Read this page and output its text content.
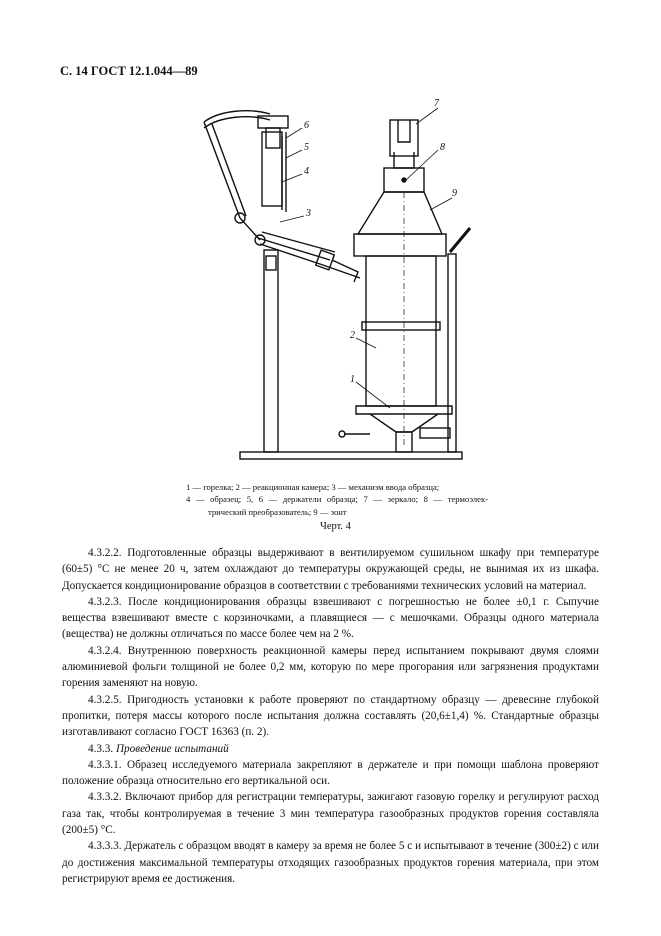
С. 14 ГОСТ 12.1.044—89
6
5
4
3
7
8
9
2
1
1 — горелка; 2 — реакционная камера; 3 — механизм ввода образца;
4 — образец; 5, 6 — держатели образца; 7 — зеркало; 8 — термоэлек-
трический преобразователь; 9 — зонт
Черт. 4

4.3.2.2. Подготовленные образцы выдерживают в вентилируемом сушильном шкафу при температуре (60±5) °С не менее 20 ч, затем охлаждают до температуры окружающей среды, не вынимая их из шкафа. Допускается кондиционирование образцов в соответствии с требованиями технических условий на материал.

4.3.2.3. После кондиционирования образцы взвешивают с погрешностью не более ±0,1 г. Сыпучие вещества взвешивают вместе с корзиночками, а плавящиеся — с мешочками. Образцы одного материала (вещества) не должны отличаться по массе более чем на 2 %.

4.3.2.4. Внутреннюю поверхность реакционной камеры перед испытанием покрывают двумя слоями алюминиевой фольги толщиной не более 0,2 мм, которую по мере прогорания или загрязнения продуктами горения заменяют на новую.

4.3.2.5. Пригодность установки к работе проверяют по стандартному образцу — древесине глубокой пропитки, потеря массы которого после испытания должна составлять (20,6±1,4) %. Стандартные образцы изготавливают согласно ГОСТ 16363 (п. 2).

4.3.3. Проведение испытаний

4.3.3.1. Образец исследуемого материала закрепляют в держателе и при помощи шаблона проверяют положение образца относительно его вертикальной оси.

4.3.3.2. Включают прибор для регистрации температуры, зажигают газовую горелку и регулируют расход газа так, чтобы контролируемая в течение 3 мин температура газообразных продуктов горения составляла (200±5) °С.

4.3.3.3. Держатель с образцом вводят в камеру за время не более 5 с и испытывают в течение (300±2) с или до достижения максимальной температуры отходящих газообразных продуктов горения материала, при этом регистрируют время ее достижения.
